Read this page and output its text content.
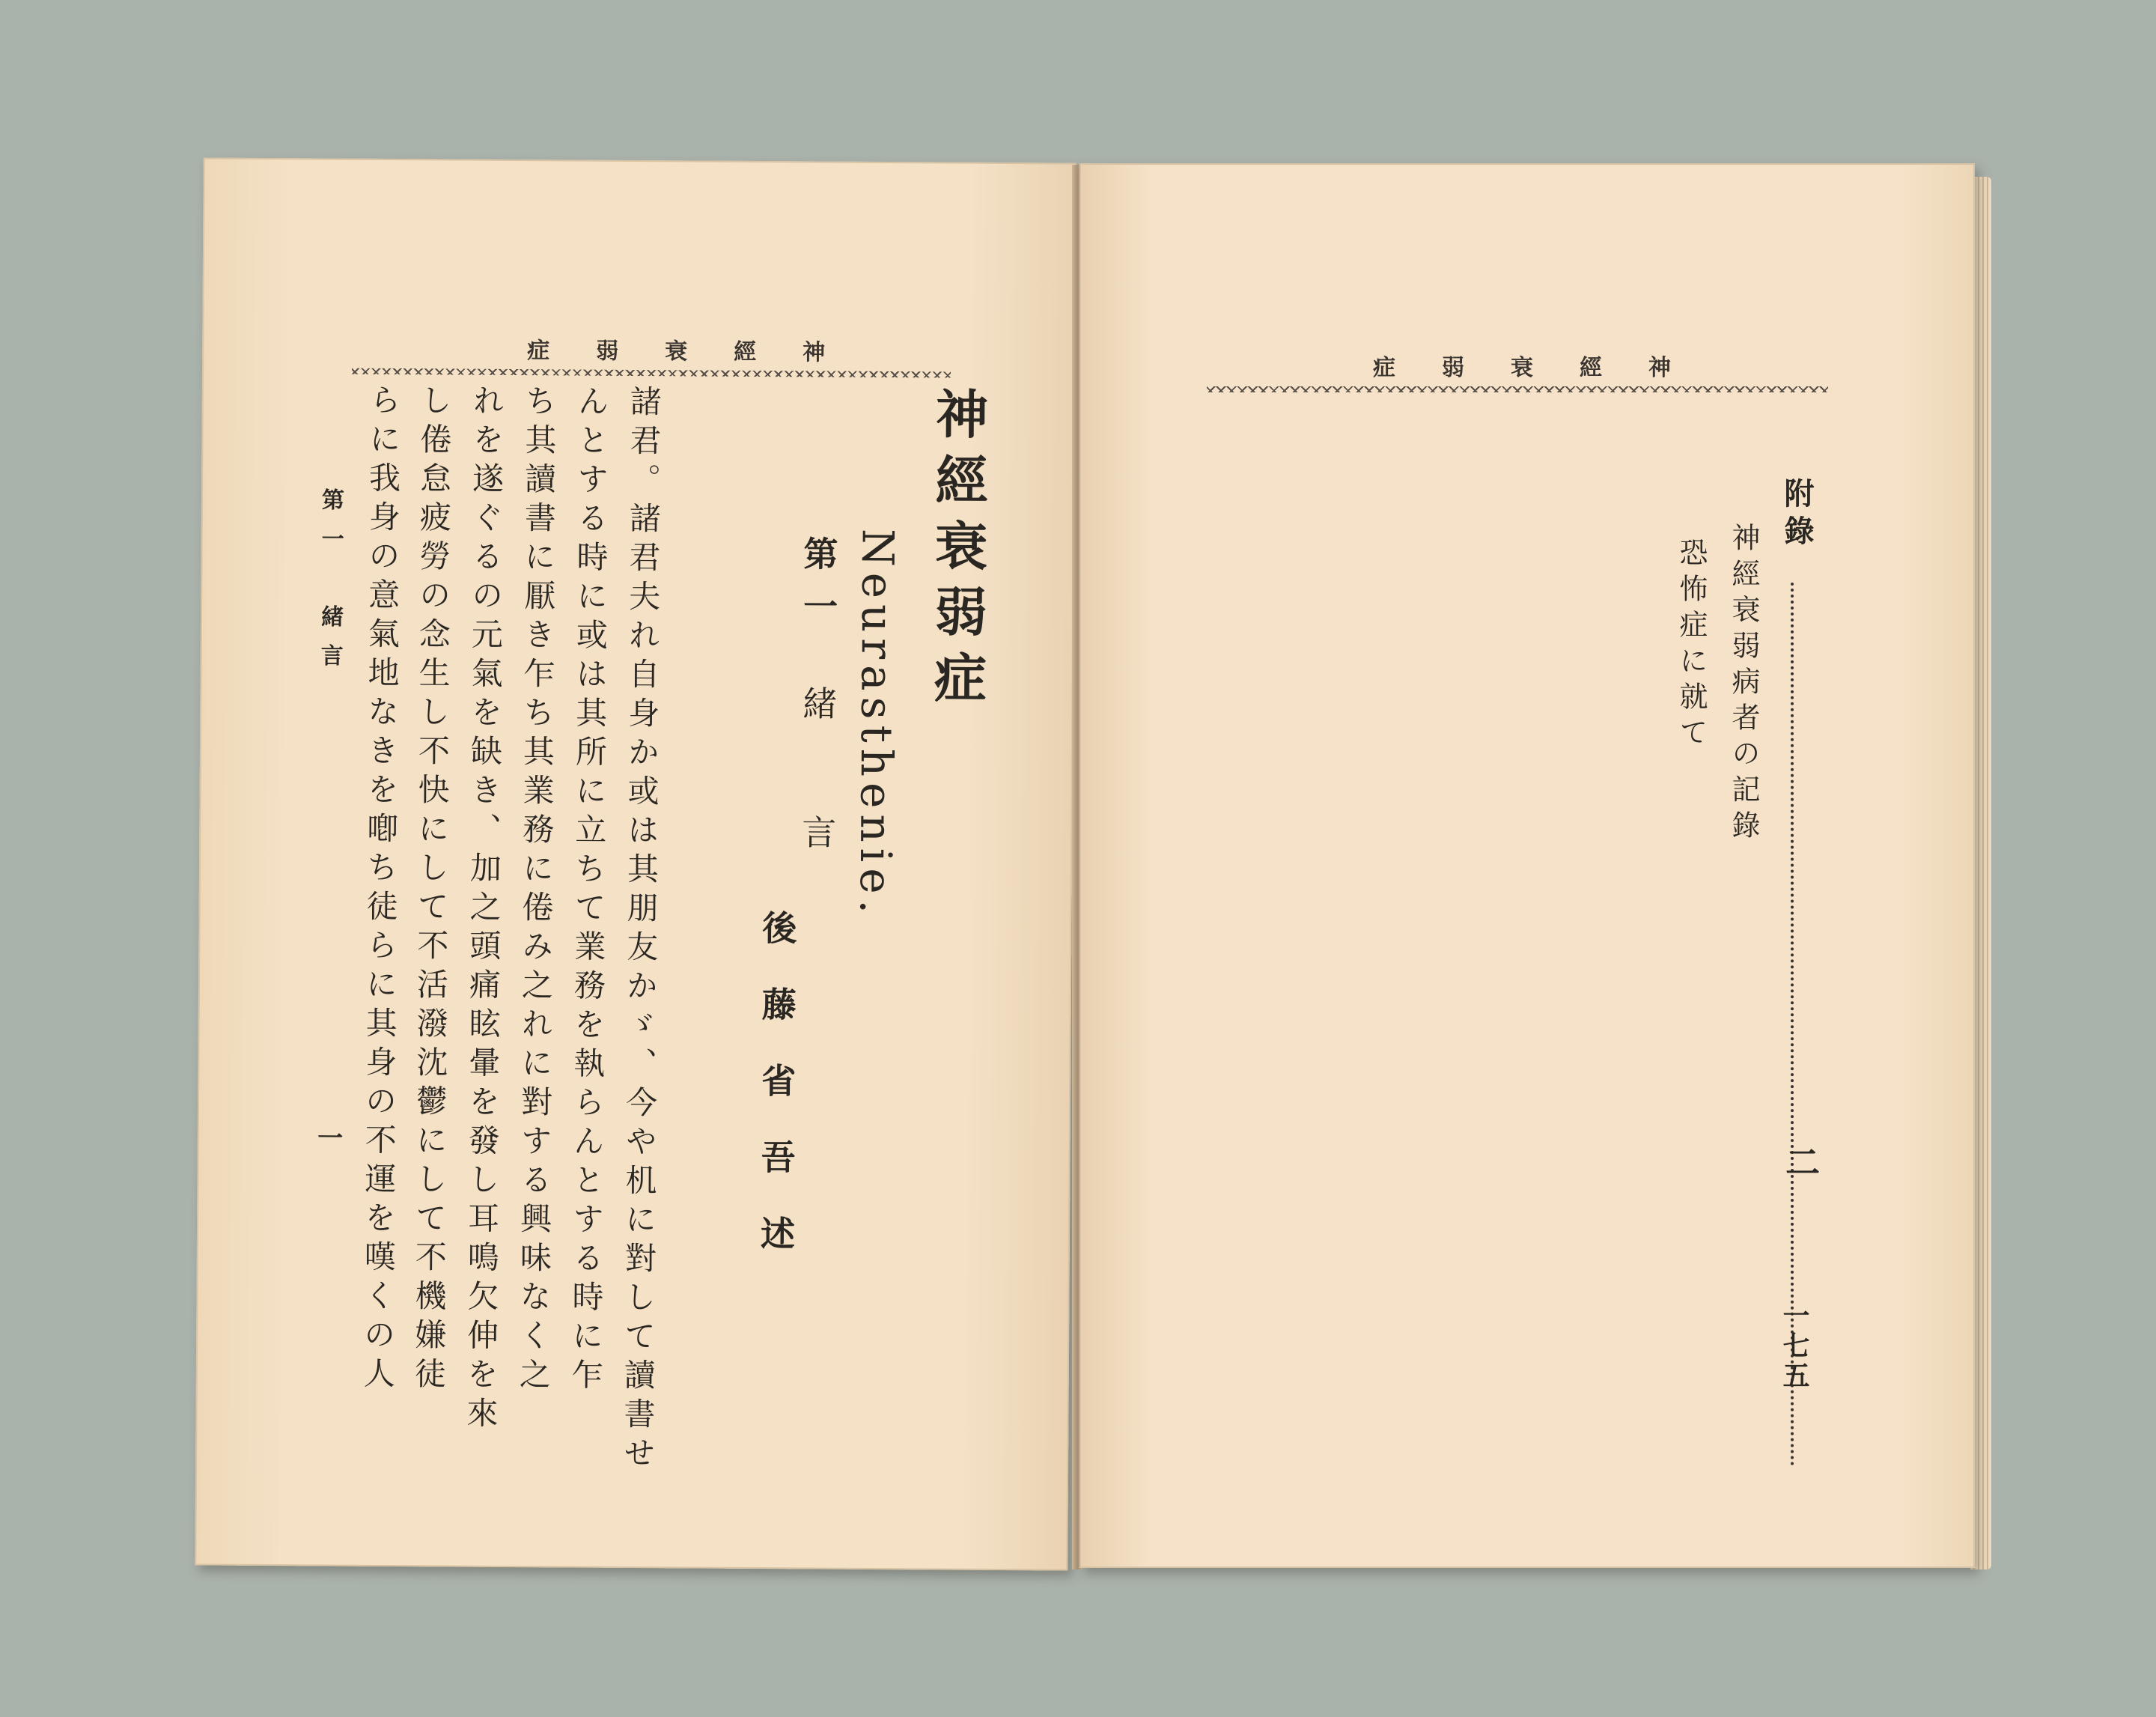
症弱衰經神
神經衰弱症
Neurasthenie.
第一
緒　言
後藤省吾述
諸君。諸君夫れ自身か或は其朋友かゞ、今や机に對して讀書せ
んとする時に或は其所に立ちて業務を執らんとする時に乍
ち其讀書に厭き乍ち其業務に倦み之れに對する興味なく之
れを遂ぐるの元氣を缺き、加之頭痛眩暈を發し耳鳴欠伸を來
し倦怠疲勞の念生し不快にして不活潑沈鬱にして不機嫌徒
らに我身の意氣地なきを喞ち徒らに其身の不運を嘆くの人
第一　緒言
一
症弱衰經神
附錄
神經衰弱病者の記錄
恐怖症に就て
二
一七五
